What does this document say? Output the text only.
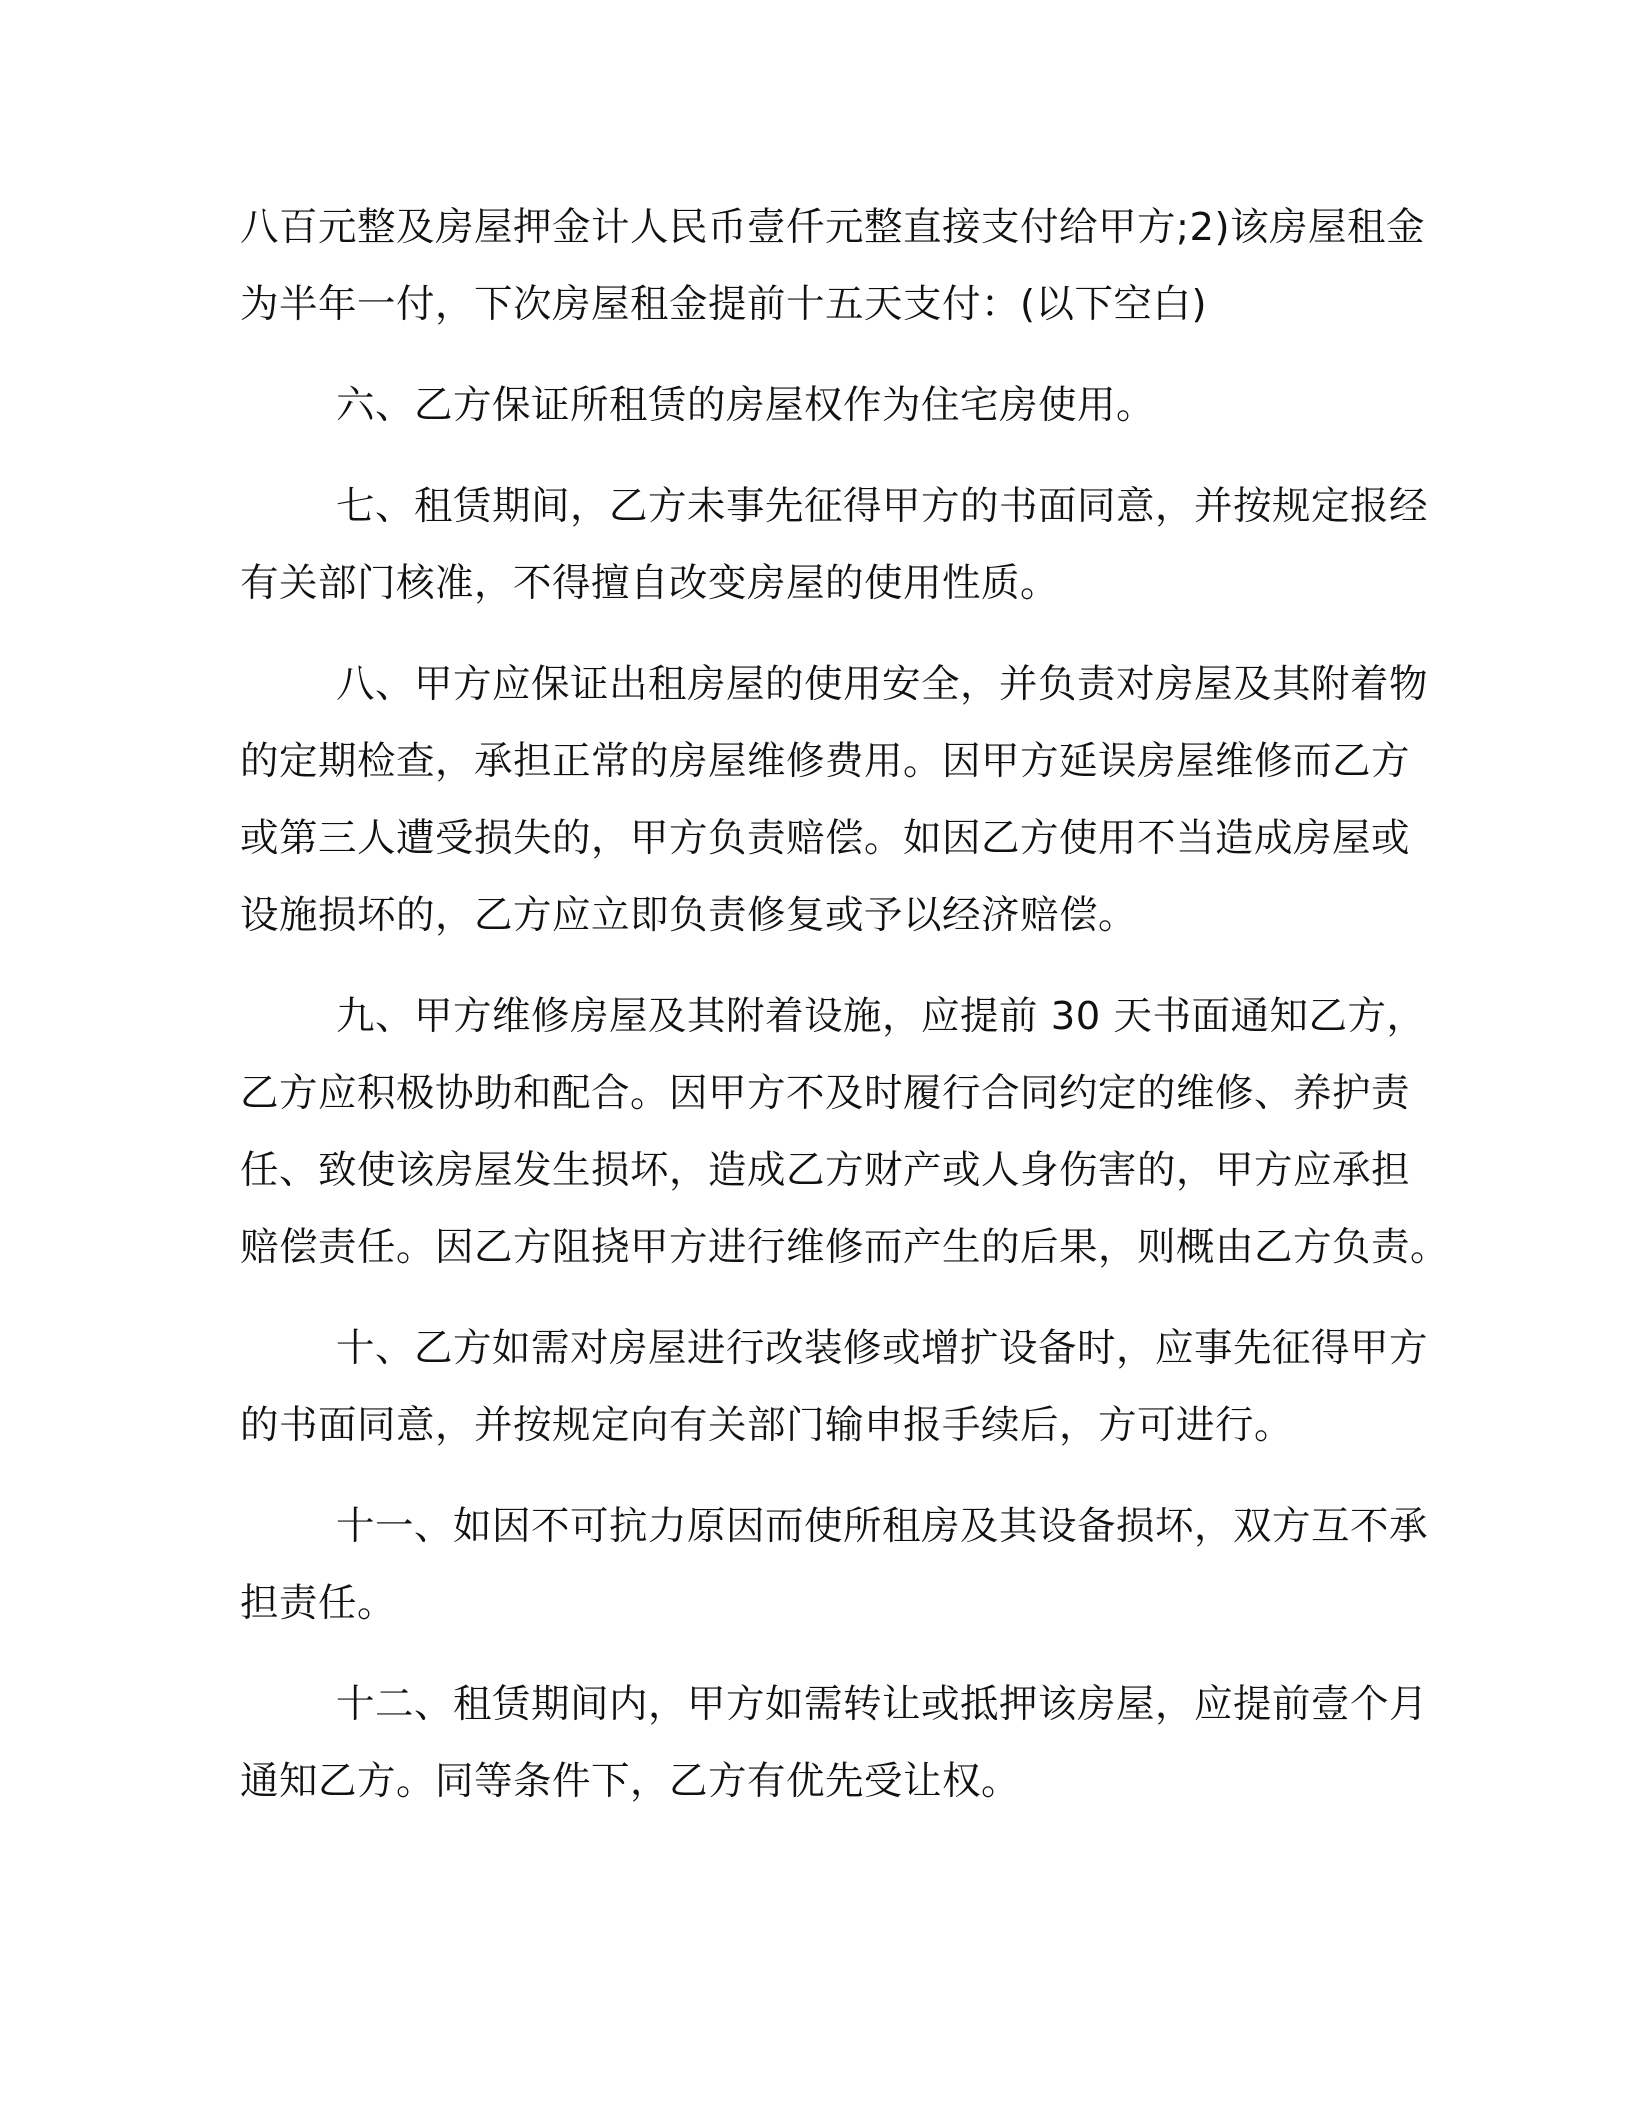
八百元整及房屋押金计人民币壹仟元整直接支付给甲方;2)该房屋租金
为半年一付，下次房屋租金提前十五天支付：(以下空白)
六、乙方保证所租赁的房屋权作为住宅房使用。
七、租赁期间，乙方未事先征得甲方的书面同意，并按规定报经
有关部门核准，不得擅自改变房屋的使用性质。
八、甲方应保证出租房屋的使用安全，并负责对房屋及其附着物
的定期检查，承担正常的房屋维修费用。因甲方延误房屋维修而乙方
或第三人遭受损失的，甲方负责赔偿。如因乙方使用不当造成房屋或
设施损坏的，乙方应立即负责修复或予以经济赔偿。
九、甲方维修房屋及其附着设施，应提前 30 天书面通知乙方，
乙方应积极协助和配合。因甲方不及时履行合同约定的维修、养护责
任、致使该房屋发生损坏，造成乙方财产或人身伤害的，甲方应承担
赔偿责任。因乙方阻挠甲方进行维修而产生的后果，则概由乙方负责。
十、乙方如需对房屋进行改装修或增扩设备时，应事先征得甲方
的书面同意，并按规定向有关部门输申报手续后，方可进行。
十一、如因不可抗力原因而使所租房及其设备损坏，双方互不承
担责任。
十二、租赁期间内，甲方如需转让或抵押该房屋，应提前壹个月
通知乙方。同等条件下，乙方有优先受让权。
